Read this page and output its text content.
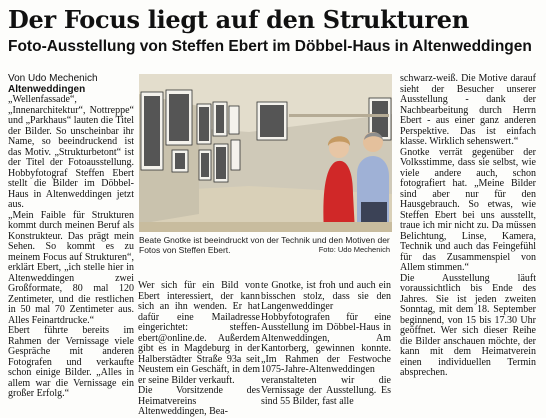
Der Focus liegt auf den Strukturen
Foto-Ausstellung von Steffen Ebert im Döbbel-Haus in Altenweddingen

Von Udo Mechenich

Altenweddingen

„Wellenfassade“, „Innenarchitektur“, Nottreppe“ und „Parkhaus“ lauten die Titel der Bilder. So unscheinbar ihr Name, so beeindruckend ist das Motiv. „Strukturbetont“ ist der Titel der Fotoausstellung. Hobbyfotograf Steffen Ebert stellt die Bilder im Döbbel-Haus in Altenweddingen jetzt aus.

„Mein Faible für Strukturen kommt durch meinen Beruf als Konstrukteur. Das prägt mein Sehen. So kommt es zu meinem Focus auf Strukturen“, erklärt Ebert, „ich stelle hier in Altenweddingen zwei Großformate, 80 mal 120 Zentimeter, und die restlichen in 50 mal 70 Zentimeter aus. Alles Feinartdrucke.“

Ebert führte bereits im Rahmen der Vernissage viele Gespräche mit anderen Fotografen und verkaufte schon einige Bilder. „Alles in allem war die Vernissage ein großer Erfolg.“

Beate Gnotke ist beeindruckt von der Technik und den Motiven der Fotos von Steffen Ebert.	Foto: Udo Mechenich

Wer sich für ein Bild von Ebert interessiert, der kann sich an ihn wenden. Er hat dafür eine Mailadresse eingerichtet: steffen-ebert@online.de. Außerdem gibt es in Magdeburg in der Halberstädter Straße 93a seit Neustem ein Geschäft, in dem er seine Bilder verkauft.

Die Vorsitzende des Heimatvereins Altenweddingen, Bea-

te Gnotke, ist froh und auch ein bisschen stolz, dass sie den Langenweddinger Hobbyfotografen für eine Ausstellung im Döbbel-Haus in Altenweddingen, Am Kantorberg, gewinnen konnte. „Im Rahmen der Festwoche 1075-Jahre-Altenweddingen veranstalteten wir die Vernissage der Ausstellung. Es sind 55 Bilder, fast alle

schwarz-weiß. Die Motive darauf sieht der Besucher unserer Ausstellung - dank der Nachbearbeitung durch Herrn Ebert - aus einer ganz anderen Perspektive. Das ist einfach klasse. Wirklich sehenswert.“

Gnotke verrät gegenüber der Volksstimme, dass sie selbst, wie viele andere auch, schon fotografiert hat. „Meine Bilder sind aber nur für den Hausgebrauch. So etwas, wie Steffen Ebert bei uns ausstellt, traue ich mir nicht zu. Da müssen Belichtung, Linse, Kamera, Technik und auch das Feingefühl für das Zusammenspiel von Allem stimmen.“

Die Ausstellung läuft voraussichtlich bis Ende des Jahres. Sie ist jeden zweiten Sonntag, mit dem 18. September beginnend, von 15 bis 17.30 Uhr geöffnet. Wer sich dieser Reihe die Bilder anschauen möchte, der kann mit dem Heimatverein einen individuellen Termin absprechen.
